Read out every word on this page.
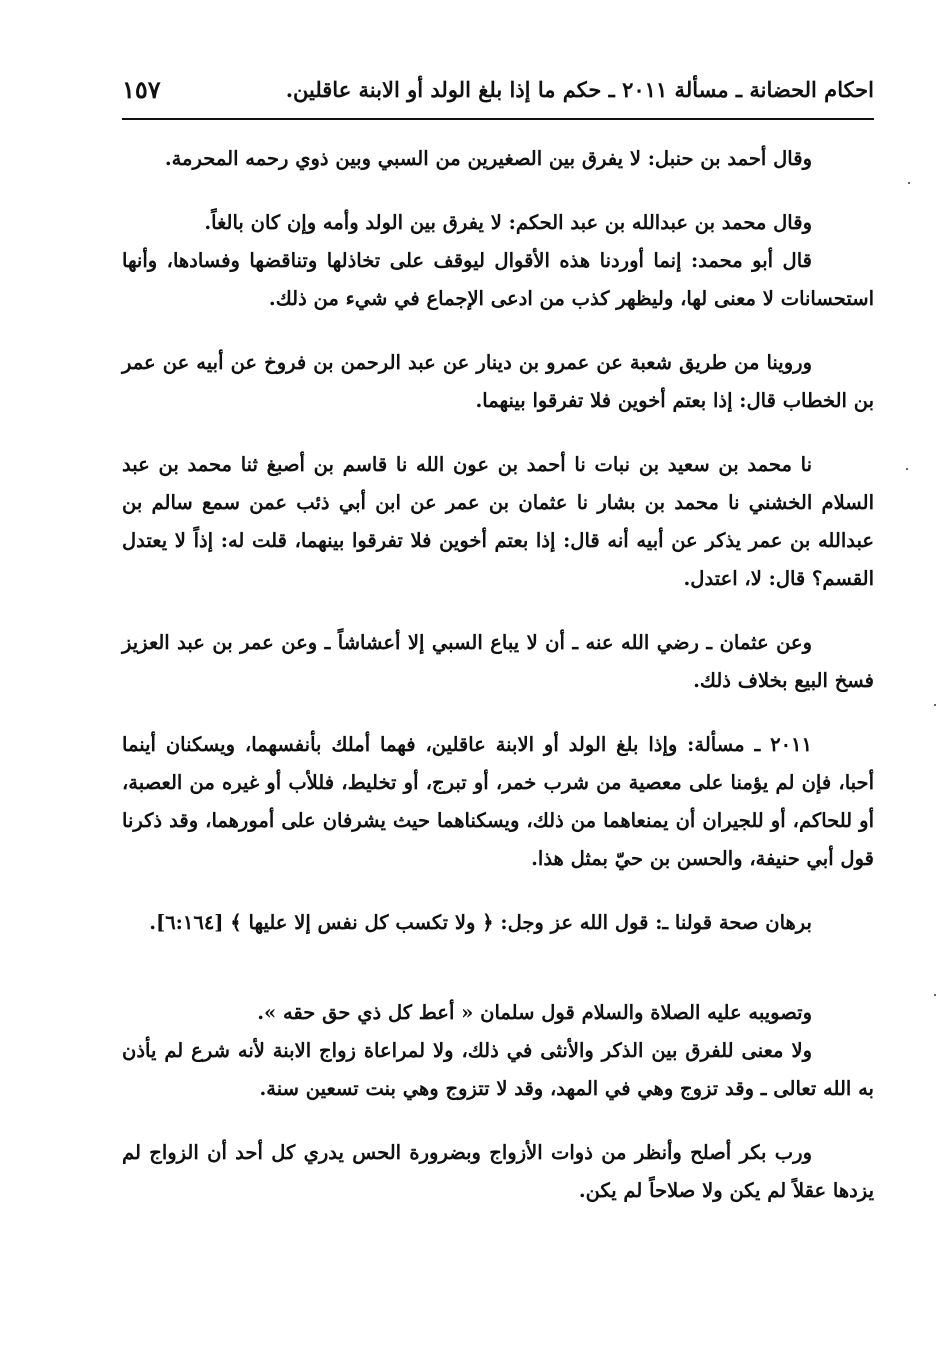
احكام الحضانة ـ مسألة ٢٠١١ ـ حكم ما إذا بلغ الولد أو الابنة عاقلين.
١٥٧

وقال أحمد بن حنبل: لا يفرق بين الصغيرين من السبي وبين ذوي رحمه المحرمة.

وقال محمد بن عبدالله بن عبد الحكم: لا يفرق بين الولد وأمه وإن كان بالغاً.

قال أبو محمد: إنما أوردنا هذه الأقوال ليوقف على تخاذلها وتناقضها وفسادها، وأنها استحسانات لا معنى لها، وليظهر كذب من ادعى الإجماع في شيء من ذلك.

وروينا من طريق شعبة عن عمرو بن دينار عن عبد الرحمن بن فروخ عن أبيه عن عمر بن الخطاب قال: إذا بعتم أخوين فلا تفرقوا بينهما.

نا محمد بن سعيد بن نبات نا أحمد بن عون الله نا قاسم بن أصبغ ثنا محمد بن عبد السلام الخشني نا محمد بن بشار نا عثمان بن عمر عن ابن أبي ذئب عمن سمع سالم بن عبدالله بن عمر يذكر عن أبيه أنه قال: إذا بعتم أخوين فلا تفرقوا بينهما، قلت له: إذاً لا يعتدل القسم؟ قال: لا، اعتدل.

وعن عثمان ـ رضي الله عنه ـ أن لا يباع السبي إلا أعشاشاً ـ وعن عمر بن عبد العزيز فسخ البيع بخلاف ذلك.

٢٠١١ ـ مسألة: وإذا بلغ الولد أو الابنة عاقلين، فهما أملك بأنفسهما، ويسكنان أينما أحبا، فإن لم يؤمنا على معصية من شرب خمر، أو تبرج، أو تخليط، فللأب أو غيره من العصبة، أو للحاكم، أو للجيران أن يمنعاهما من ذلك، ويسكناهما حيث يشرفان على أمورهما، وقد ذكرنا قول أبي حنيفة، والحسن بن حيّ بمثل هذا.

برهان صحة قولنا ـ: قول الله عز وجل: ﴿ ولا تكسب كل نفس إلا عليها ﴾ [٦:١٦٤].

وتصويبه عليه الصلاة والسلام قول سلمان « أعط كل ذي حق حقه ».

ولا معنى للفرق بين الذكر والأنثى في ذلك، ولا لمراعاة زواج الابنة لأنه شرع لم يأذن به الله تعالى ـ وقد تزوج وهي في المهد، وقد لا تتزوج وهي بنت تسعين سنة.

ورب بكر أصلح وأنظر من ذوات الأزواج وبضرورة الحس يدري كل أحد أن الزواج لم يزدها عقلاً لم يكن ولا صلاحاً لم يكن.
